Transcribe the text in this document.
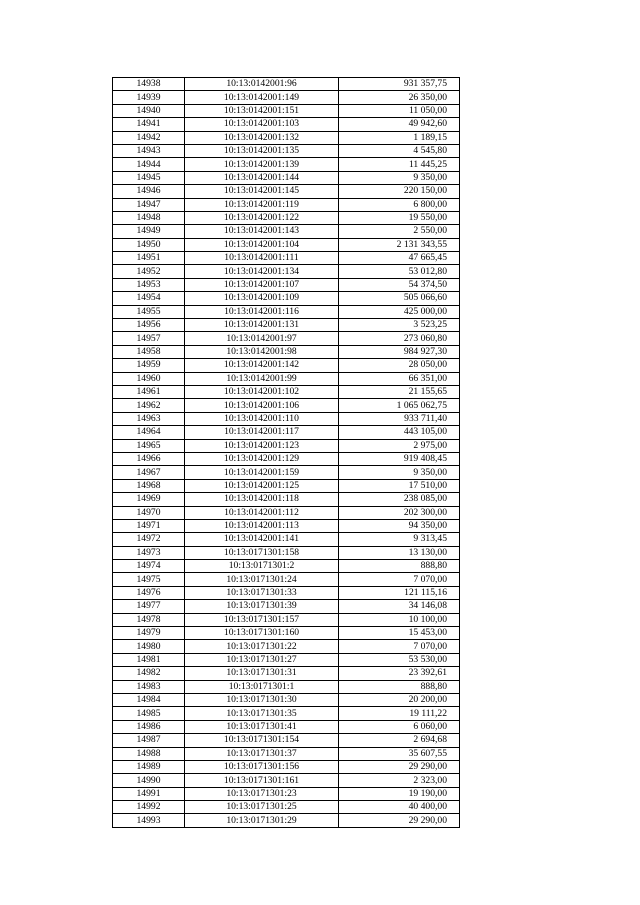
14938	10:13:0142001:96	931 357,75
14939	10:13:0142001:149	26 350,00
14940	10:13:0142001:151	11 050,00
14941	10:13:0142001:103	49 942,60
14942	10:13:0142001:132	1 189,15
14943	10:13:0142001:135	4 545,80
14944	10:13:0142001:139	11 445,25
14945	10:13:0142001:144	9 350,00
14946	10:13:0142001:145	220 150,00
14947	10:13:0142001:119	6 800,00
14948	10:13:0142001:122	19 550,00
14949	10:13:0142001:143	2 550,00
14950	10:13:0142001:104	2 131 343,55
14951	10:13:0142001:111	47 665,45
14952	10:13:0142001:134	53 012,80
14953	10:13:0142001:107	54 374,50
14954	10:13:0142001:109	505 066,60
14955	10:13:0142001:116	425 000,00
14956	10:13:0142001:131	3 523,25
14957	10:13:0142001:97	273 060,80
14958	10:13:0142001:98	984 927,30
14959	10:13:0142001:142	28 050,00
14960	10:13:0142001:99	66 351,00
14961	10:13:0142001:102	21 155,65
14962	10:13:0142001:106	1 065 062,75
14963	10:13:0142001:110	933 711,40
14964	10:13:0142001:117	443 105,00
14965	10:13:0142001:123	2 975,00
14966	10:13:0142001:129	919 408,45
14967	10:13:0142001:159	9 350,00
14968	10:13:0142001:125	17 510,00
14969	10:13:0142001:118	238 085,00
14970	10:13:0142001:112	202 300,00
14971	10:13:0142001:113	94 350,00
14972	10:13:0142001:141	9 313,45
14973	10:13:0171301:158	13 130,00
14974	10:13:0171301:2	888,80
14975	10:13:0171301:24	7 070,00
14976	10:13:0171301:33	121 115,16
14977	10:13:0171301:39	34 146,08
14978	10:13:0171301:157	10 100,00
14979	10:13:0171301:160	15 453,00
14980	10:13:0171301:22	7 070,00
14981	10:13:0171301:27	53 530,00
14982	10:13:0171301:31	23 392,61
14983	10:13:0171301:1	888,80
14984	10:13:0171301:30	20 200,00
14985	10:13:0171301:35	19 111,22
14986	10:13:0171301:41	6 060,00
14987	10:13:0171301:154	2 694,68
14988	10:13:0171301:37	35 607,55
14989	10:13:0171301:156	29 290,00
14990	10:13:0171301:161	2 323,00
14991	10:13:0171301:23	19 190,00
14992	10:13:0171301:25	40 400,00
14993	10:13:0171301:29	29 290,00
